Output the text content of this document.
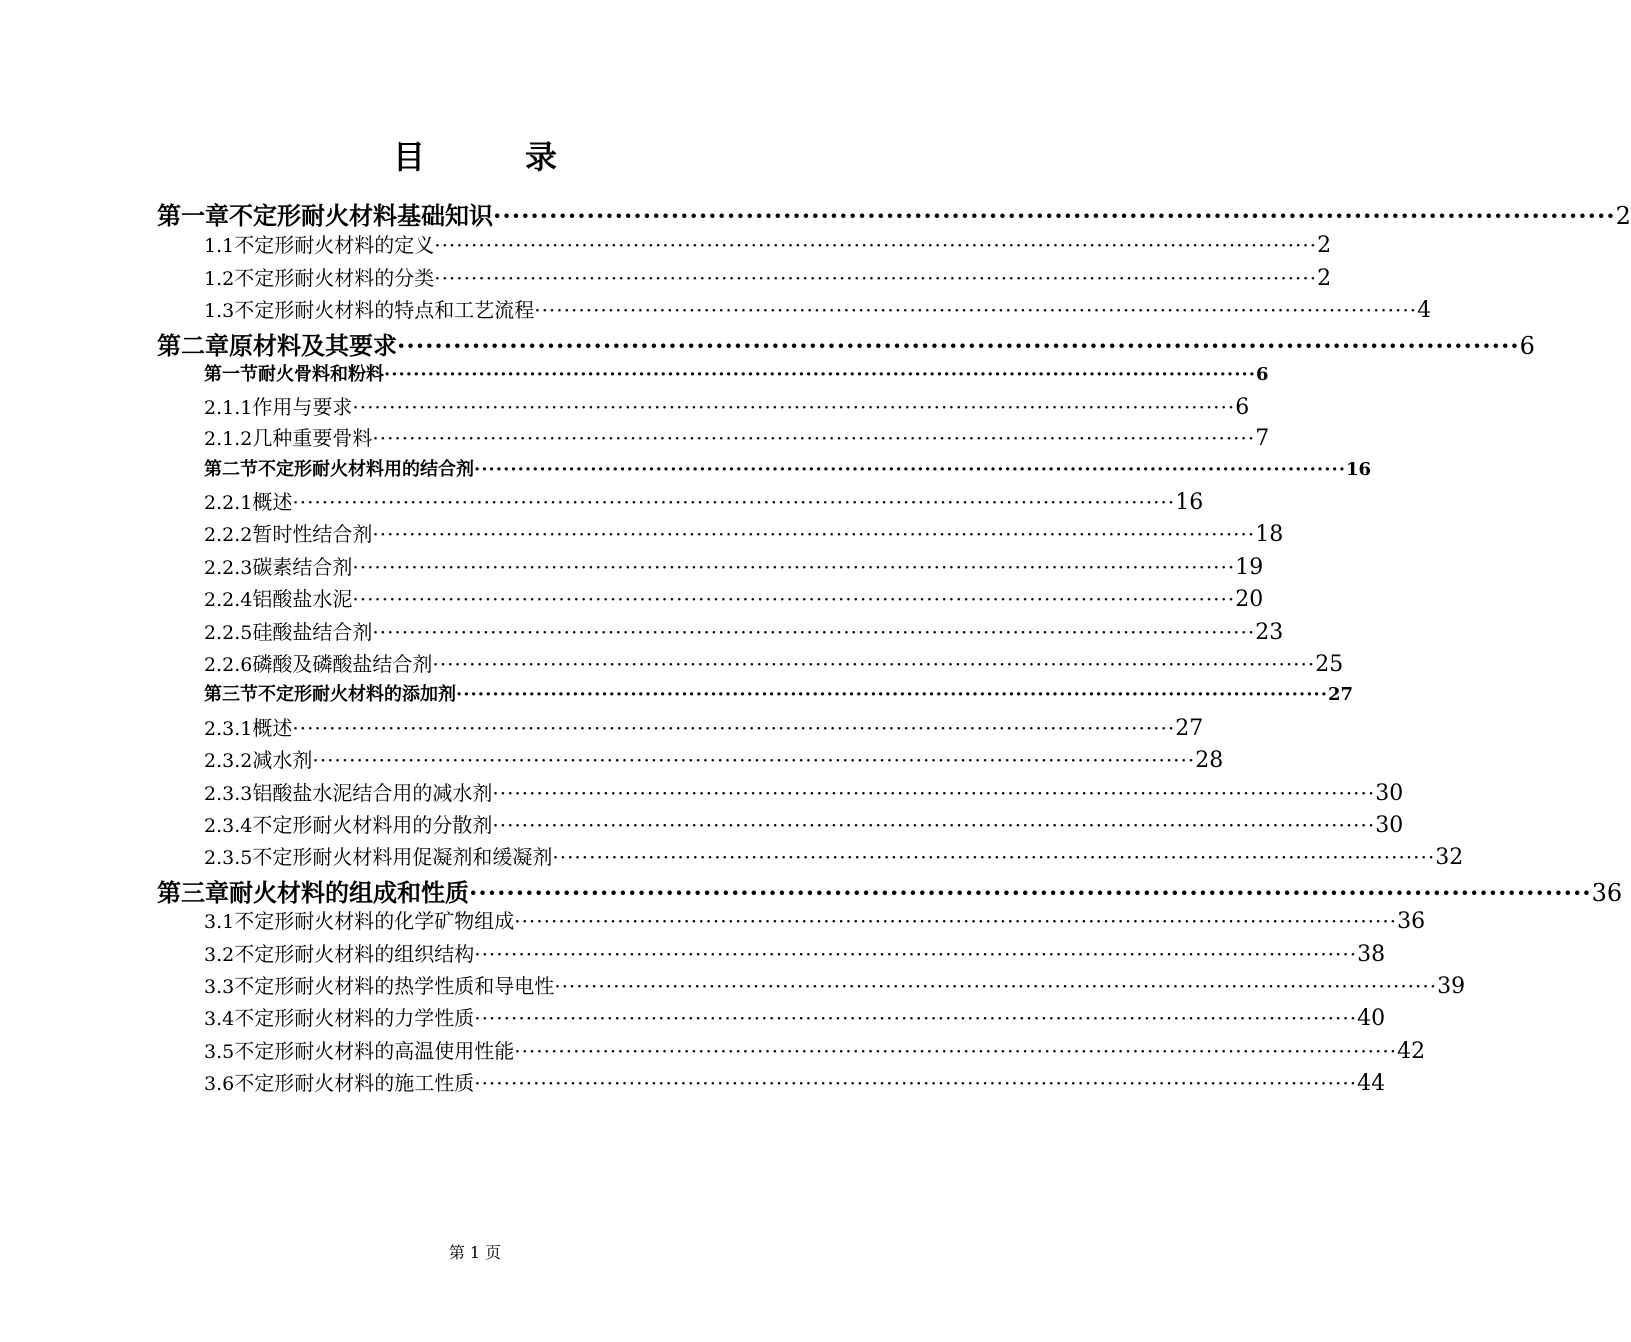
目　录
第一章 不定形耐火材料基础知识 ························································································································ 2
1.1 不定形耐火材料的定义 ························································································································ 2
1.2 不定形耐火材料的分类 ························································································································ 2
1.3 不定形耐火材料的特点和工艺流程 ························································································································ 4
第二章 原材料及其要求 ························································································································ 6
第一节 耐火骨料和粉料 ························································································································ 6
2.1.1 作用与要求 ························································································································ 6
2.1.2 几种重要骨料 ························································································································ 7
第二节 不定形耐火材料用的结合剂 ························································································································ 16
2.2.1 概述 ························································································································ 16
2.2.2 暂时性结合剂 ························································································································ 18
2.2.3 碳素结合剂 ························································································································ 19
2.2.4 铝酸盐水泥 ························································································································ 20
2.2.5 硅酸盐结合剂 ························································································································ 23
2.2.6 磷酸及磷酸盐结合剂 ························································································································ 25
第三节 不定形耐火材料的添加剂 ························································································································ 27
2.3.1 概述 ························································································································ 27
2.3.2 减水剂 ························································································································ 28
2.3.3 铝酸盐水泥结合用的减水剂 ························································································································ 30
2.3.4 不定形耐火材料用的分散剂 ························································································································ 30
2.3.5 不定形耐火材料用促凝剂和缓凝剂 ························································································································ 32
第三章 耐火材料的组成和性质 ························································································································ 36
3.1 不定形耐火材料的化学矿物组成 ························································································································ 36
3.2 不定形耐火材料的组织结构 ························································································································ 38
3.3 不定形耐火材料的热学性质和导电性 ························································································································ 39
3.4 不定形耐火材料的力学性质 ························································································································ 40
3.5 不定形耐火材料的高温使用性能 ························································································································ 42
3.6 不定形耐火材料的施工性质 ························································································································ 44
第 1 页
